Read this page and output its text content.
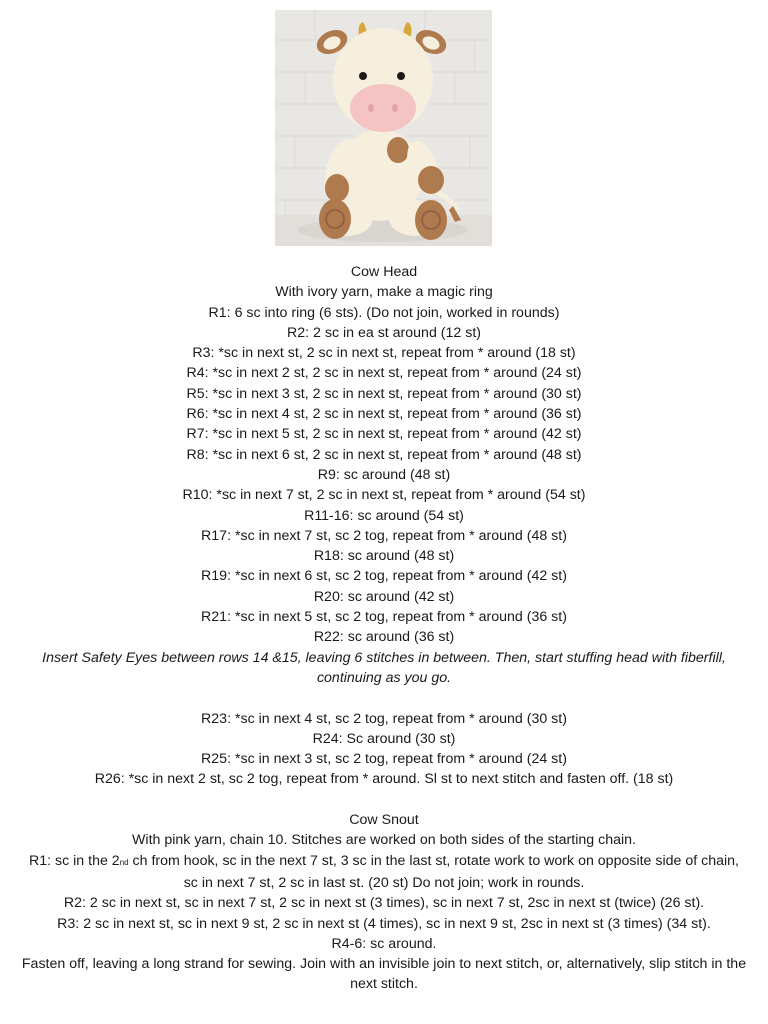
Cow Head

With ivory yarn, make a magic ring

R1: 6 sc into ring (6 sts). (Do not join, worked in rounds)

R2: 2 sc in ea st around (12 st)

R3: *sc in next st, 2 sc in next st, repeat from * around (18 st)

R4: *sc in next 2 st, 2 sc in next st, repeat from * around (24 st)

R5: *sc in next 3 st, 2 sc in next st, repeat from * around (30 st)

R6: *sc in next 4 st, 2 sc in next st, repeat from * around (36 st)

R7: *sc in next 5 st, 2 sc in next st, repeat from * around (42 st)

R8: *sc in next 6 st, 2 sc in next st, repeat from * around (48 st)

R9: sc around (48 st)

R10: *sc in next 7 st, 2 sc in next st, repeat from * around (54 st)

R11-16: sc around (54 st)

R17: *sc in next 7 st, sc 2 tog, repeat from * around (48 st)

R18: sc around (48 st)

R19: *sc in next 6 st, sc 2 tog, repeat from * around (42 st)

R20: sc around (42 st)

R21: *sc in next 5 st, sc 2 tog, repeat from * around (36 st)

R22: sc around (36 st)

Insert Safety Eyes between rows 14 &15, leaving 6 stitches in between. Then, start stuffing head with fiberfill, continuing as you go.

R23: *sc in next 4 st, sc 2 tog, repeat from * around (30 st)

R24: Sc around (30 st)

R25: *sc in next 3 st, sc 2 tog, repeat from * around (24 st)

R26: *sc in next 2 st, sc 2 tog, repeat from * around. Sl st to next stitch and fasten off. (18 st)

Cow Snout

With pink yarn, chain 10. Stitches are worked on both sides of the starting chain.

R1: sc in the 2nd ch from hook, sc in the next 7 st, 3 sc in the last st, rotate work to work on opposite side of chain, sc in next 7 st, 2 sc in last st. (20 st) Do not join; work in rounds.

R2: 2 sc in next st, sc in next 7 st, 2 sc in next st (3 times), sc in next 7 st, 2sc in next st (twice) (26 st).

R3: 2 sc in next st, sc in next 9 st, 2 sc in next st (4 times), sc in next 9 st, 2sc in next st (3 times) (34 st).

R4-6: sc around.

Fasten off, leaving a long strand for sewing. Join with an invisible join to next stitch, or, alternatively, slip stitch in the next stitch.
